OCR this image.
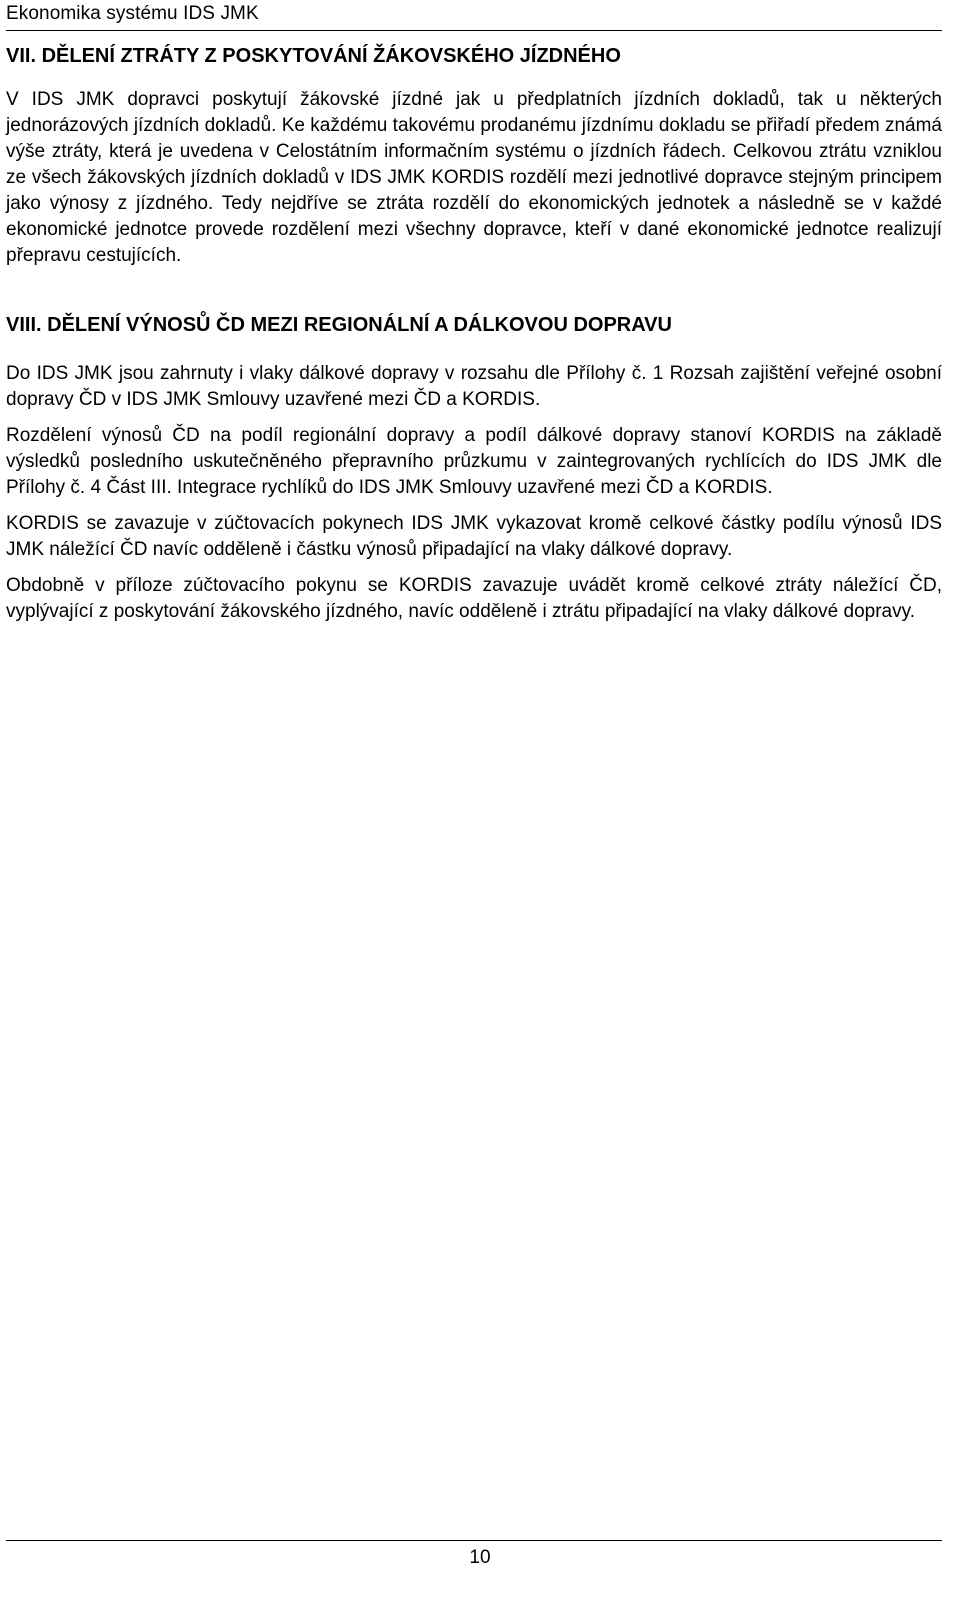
Ekonomika systému IDS JMK
VII. DĚLENÍ ZTRÁTY Z POSKYTOVÁNÍ ŽÁKOVSKÉHO JÍZDNÉHO

V IDS JMK dopravci poskytují žákovské jízdné jak u předplatních jízdních dokladů, tak u některých jednorázových jízdních dokladů. Ke každému takovému prodanému jízdnímu dokladu se přiřadí předem známá výše ztráty, která je uvedena v Celostátním informačním systému o jízdních řádech. Celkovou ztrátu vzniklou ze všech žákovských jízdních dokladů v IDS JMK KORDIS rozdělí mezi jednotlivé dopravce stejným principem jako výnosy z jízdného. Tedy nejdříve se ztráta rozdělí do ekonomických jednotek a následně se v každé ekonomické jednotce provede rozdělení mezi všechny dopravce, kteří v dané ekonomické jednotce realizují přepravu cestujících.

VIII. DĚLENÍ VÝNOSŮ ČD MEZI REGIONÁLNÍ A DÁLKOVOU DOPRAVU

Do IDS JMK jsou zahrnuty i vlaky dálkové dopravy v rozsahu dle Přílohy č. 1 Rozsah zajištění veřejné osobní dopravy ČD v IDS JMK Smlouvy uzavřené mezi ČD a KORDIS.

Rozdělení výnosů ČD na podíl regionální dopravy a podíl dálkové dopravy stanoví KORDIS na základě výsledků posledního uskutečněného přepravního průzkumu v zaintegrovaných rychlících do IDS JMK dle Přílohy č. 4 Část III. Integrace rychlíků do IDS JMK Smlouvy uzavřené mezi ČD a KORDIS.

KORDIS se zavazuje v zúčtovacích pokynech IDS JMK vykazovat kromě celkové částky podílu výnosů IDS JMK náležící ČD navíc odděleně i částku výnosů připadající na vlaky dálkové dopravy.

Obdobně v příloze zúčtovacího pokynu se KORDIS zavazuje uvádět kromě celkové ztráty náležící ČD, vyplývající z poskytování žákovského jízdného, navíc odděleně i ztrátu připadající na vlaky dálkové dopravy.

10
